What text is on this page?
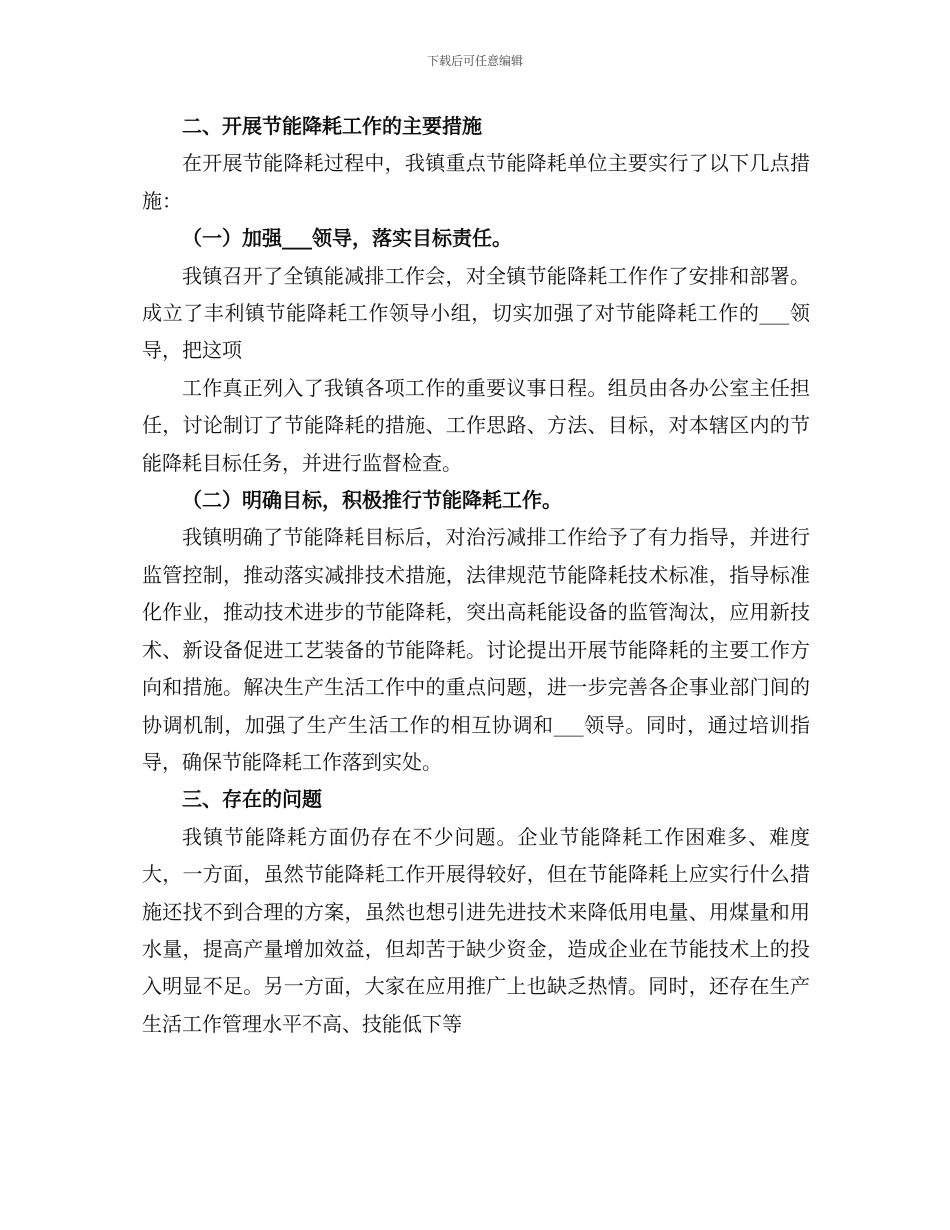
下载后可任意编辑

二、开展节能降耗工作的主要措施

在开展节能降耗过程中，我镇重点节能降耗单位主要实行了以下几点措施：

（一）加强___领导，落实目标责任。

我镇召开了全镇能减排工作会，对全镇节能降耗工作作了安排和部署。成立了丰利镇节能降耗工作领导小组，切实加强了对节能降耗工作的___领导，把这项

工作真正列入了我镇各项工作的重要议事日程。组员由各办公室主任担任，讨论制订了节能降耗的措施、工作思路、方法、目标，对本辖区内的节能降耗目标任务，并进行监督检查。

（二）明确目标，积极推行节能降耗工作。

我镇明确了节能降耗目标后，对治污减排工作给予了有力指导，并进行监管控制，推动落实减排技术措施，法律规范节能降耗技术标准，指导标准化作业，推动技术进步的节能降耗，突出高耗能设备的监管淘汰，应用新技术、新设备促进工艺装备的节能降耗。讨论提出开展节能降耗的主要工作方向和措施。解决生产生活工作中的重点问题，进一步完善各企事业部门间的协调机制，加强了生产生活工作的相互协调和___领导。同时，通过培训指导，确保节能降耗工作落到实处。

三、存在的问题

我镇节能降耗方面仍存在不少问题。企业节能降耗工作困难多、难度大，一方面，虽然节能降耗工作开展得较好，但在节能降耗上应实行什么措施还找不到合理的方案，虽然也想引进先进技术来降低用电量、用煤量和用水量，提高产量增加效益，但却苦于缺少资金，造成企业在节能技术上的投入明显不足。另一方面，大家在应用推广上也缺乏热情。同时，还存在生产生活工作管理水平不高、技能低下等
